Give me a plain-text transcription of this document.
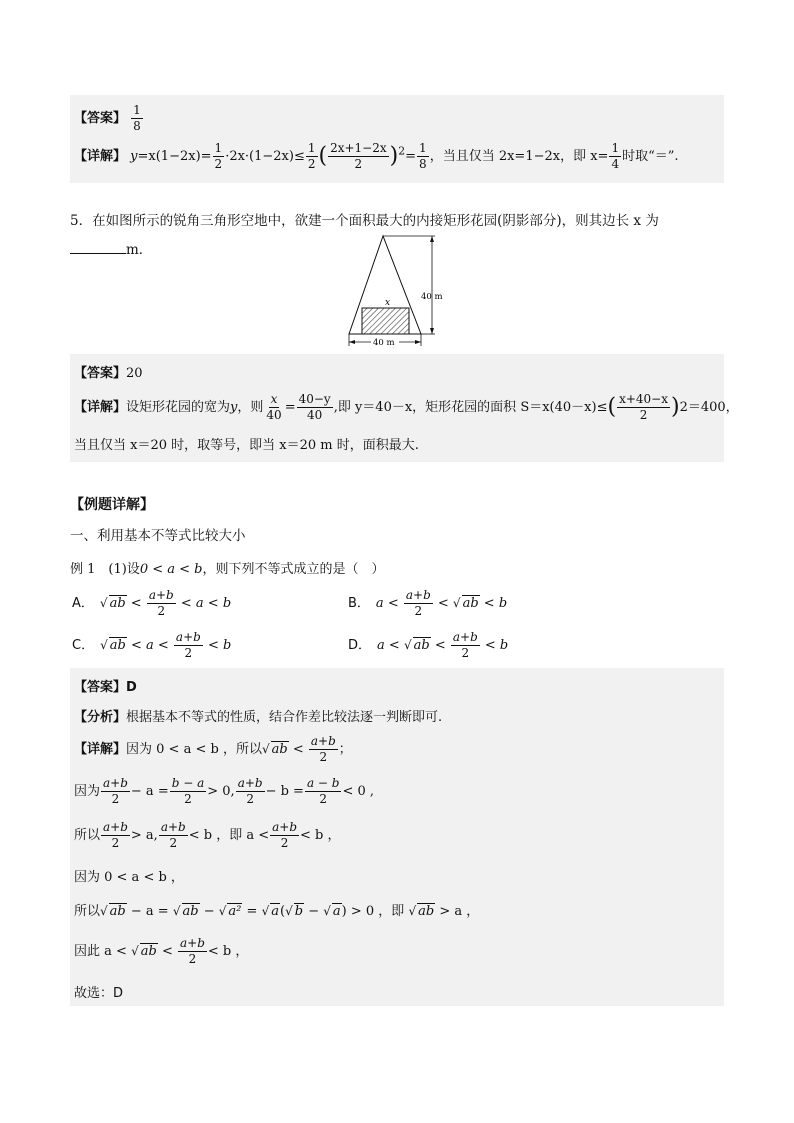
【答案】 $\frac{1}{8}$
【详解】 $y=x(1-2x)= \frac{1}{2} \cdot 2x\cdot(1-2x)\le \frac{1}{2}$ ( $\frac{2x+1-2x}{2} )^2= \frac{1}{8}$ ，当且仅当 2x=1−2x，即 $x= \frac{1}{4}$ 时取“＝”.
5．在如图所示的锐角三角形空地中，欲建一个面积最大的内接矩形花园(阴影部分)，则其边长 x 为
m．
x
40 m
40 m
【答案】20
【详解】设矩形花园的宽为y，则 $\frac{x}{40} = \frac{40-y}{40}$ ,即 y＝40－x，矩形花园的面积 $S=x(40-x)\le( \frac{x+40-x}{2} )2=400$，
当且仅当 x＝20 时，取等号，即当 x＝20 m 时，面积最大.
【例题详解】
一、利用基本不等式比较大小
例 1　(1)设0 < a < b，则下列不等式成立的是（　）
A． √ ab < $\frac{a+b}{2} < a < b$	B． $a < \frac{a+b}{2}$ < √ ab < b
C． √ ab < $a < \frac{a+b}{2} < b$	D． a < √ ab < $\frac{a+b}{2} < b$
【答案】D
【分析】根据基本不等式的性质，结合作差比较法逐一判断即可.
【详解】因为 0 < a < b ，所以√ ab < $\frac{a+b}{2}$ ；
因为 $\frac{a+b}{2} - a = \frac{b - a}{2} > 0$, $\frac{a+b}{2} - b = \frac{a - b}{2} < 0$ ,
所以 $\frac{a+b}{2} > a$, $\frac{a+b}{2} < b$ ，即 $a < \frac{a+b}{2} < b$ ，
因为 0 < a < b ，
所以√ ab − a = √ ab − √ a² = √ a(√ b − √ a) > 0 ，即 √ ab > a ，
因此 a < √ ab < $\frac{a+b}{2} < b$ ，
故选：D
